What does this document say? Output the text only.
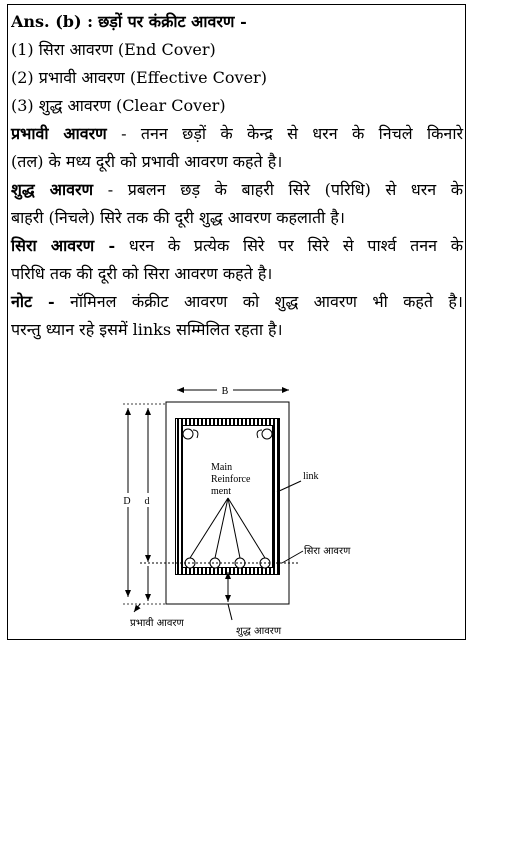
Ans. (b) : छड़ों पर कंक्रीट आवरण -
(1) सिरा आवरण (End Cover)
(2) प्रभावी आवरण (Effective Cover)
(3) शुद्ध आवरण (Clear Cover)
प्रभावी आवरण - तनन छड़ों के केन्द्र से धरन के निचले किनारे
(तल) के मध्य दूरी को प्रभावी आवरण कहते है।
शुद्ध आवरण - प्रबलन छड़ के बाहरी सिरे (परिधि) से धरन के
बाहरी (निचले) सिरे तक की दूरी शुद्ध आवरण कहलाती है।
सिरा आवरण - धरन के प्रत्येक सिरे पर सिरे से पार्श्व तनन के
परिधि तक की दूरी को सिरा आवरण कहते है।
नोट - नॉमिनल कंक्रीट आवरण को शुद्ध आवरण भी कहते है।
परन्तु ध्यान रहे इसमें links सम्मिलित रहता है।
B
Main
Reinforce
ment
D d
प्रभावी आवरण
शुद्ध आवरण
link
सिरा आवरण
